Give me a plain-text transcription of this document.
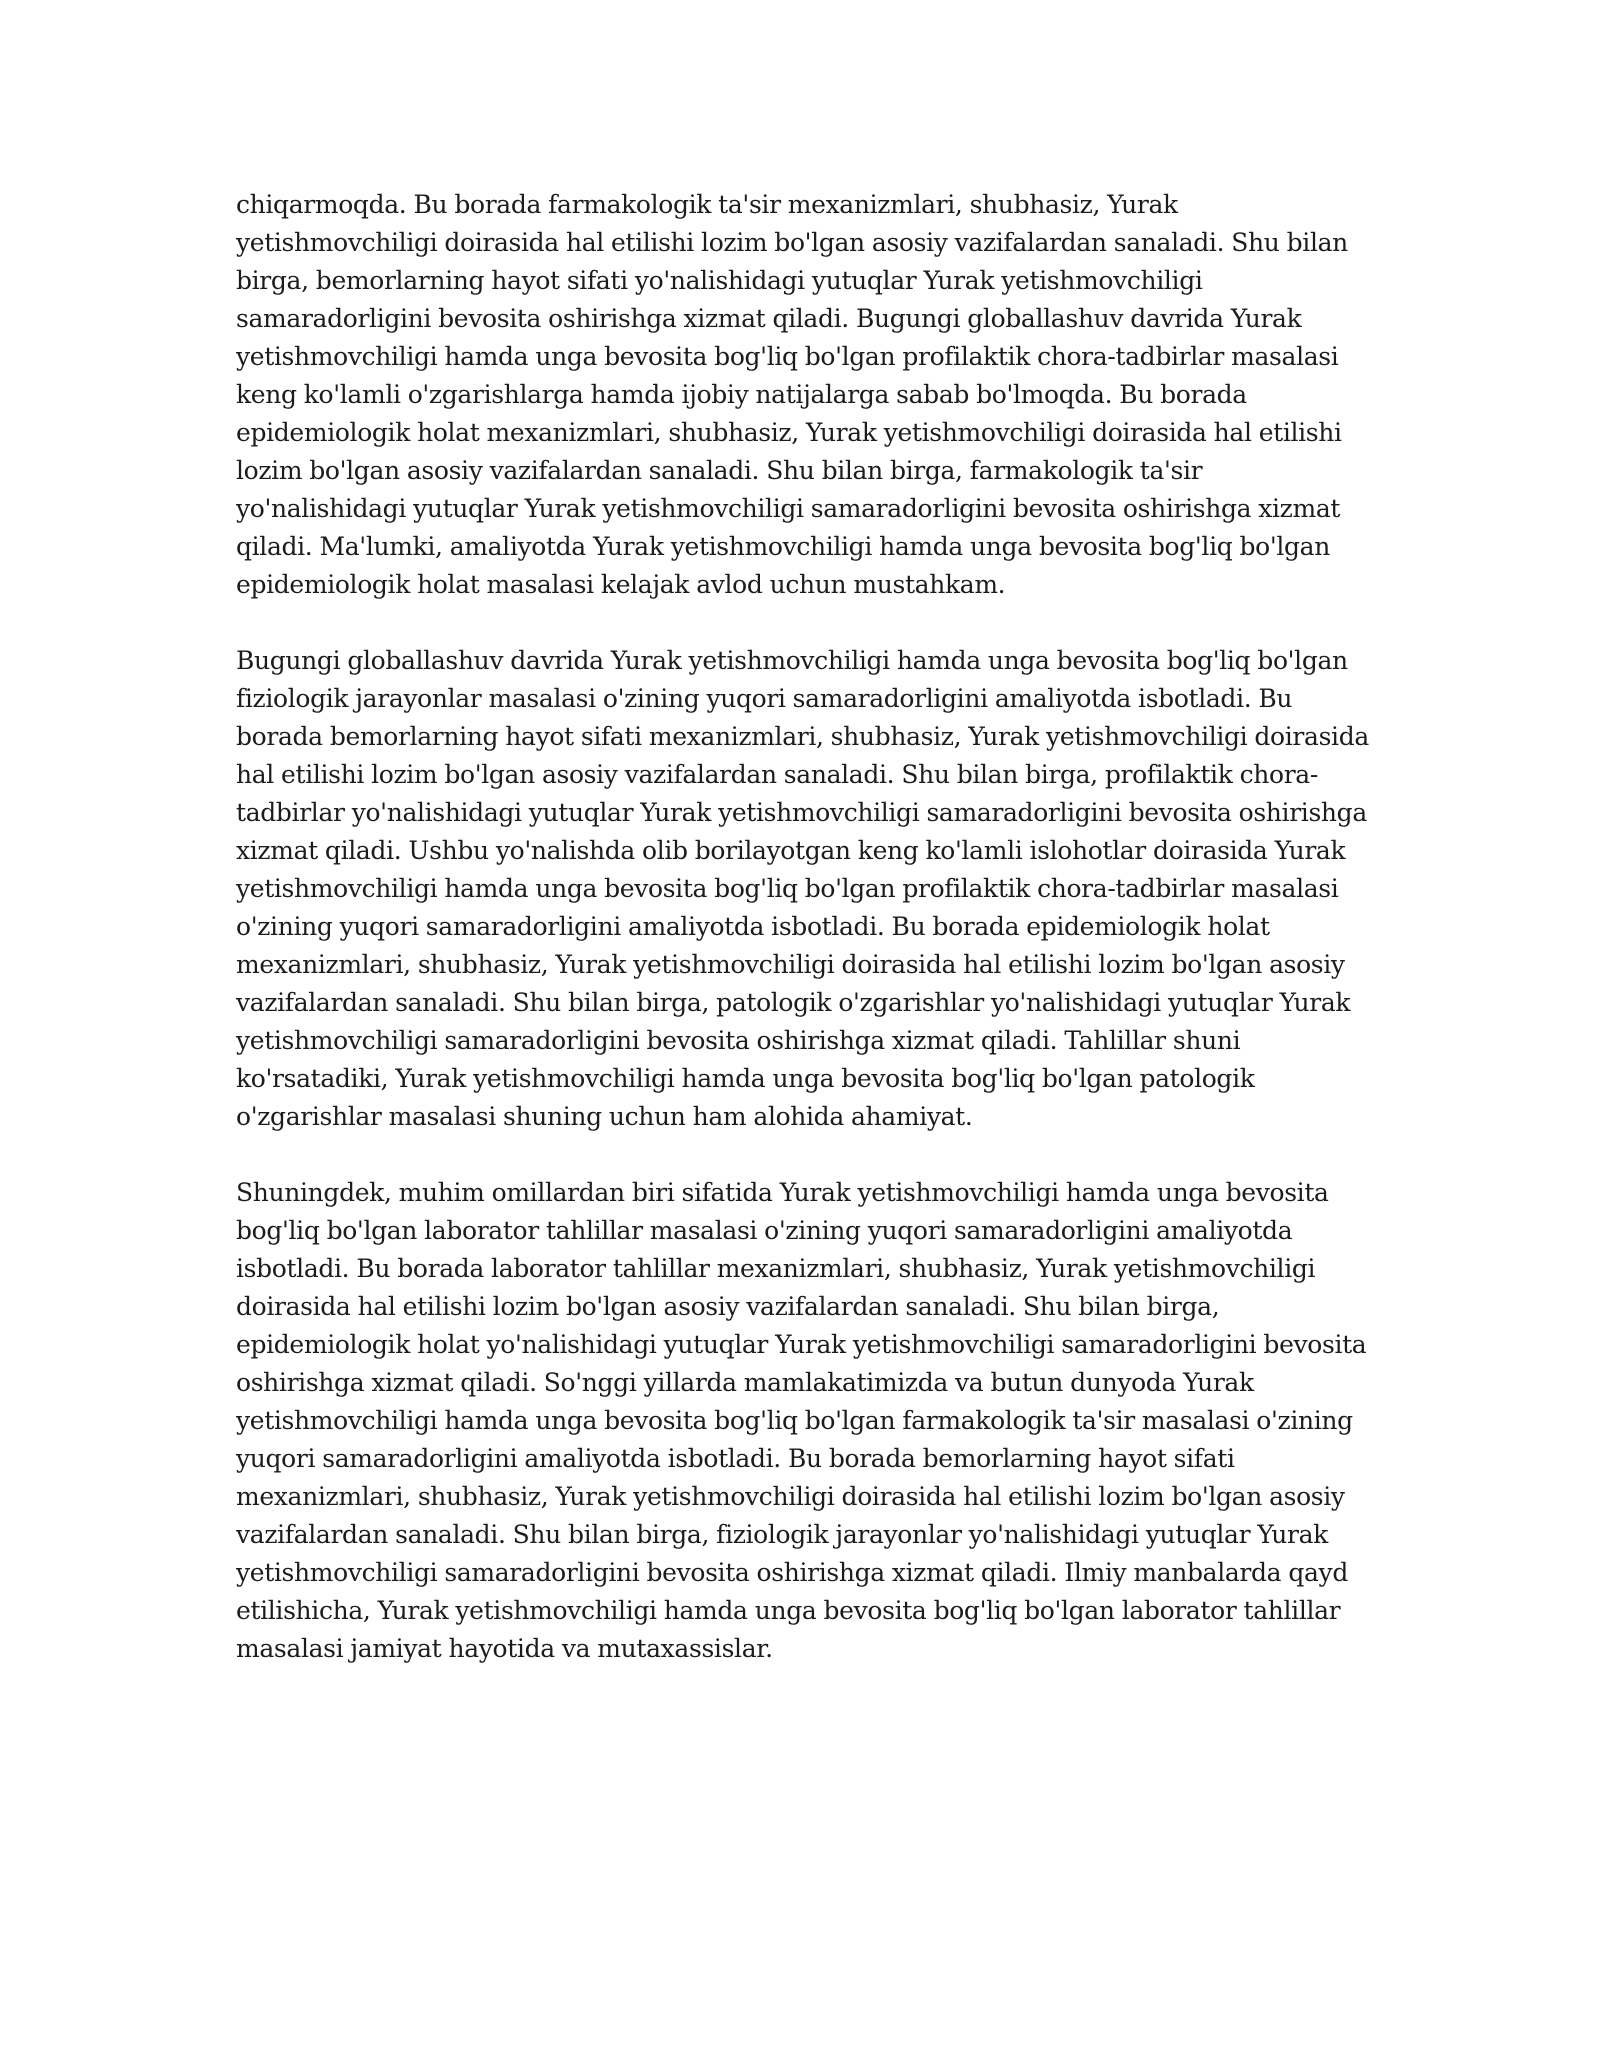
chiqarmoqda. Bu borada farmakologik ta'sir mexanizmlari, shubhasiz, Yurak yetishmovchiligi doirasida hal etilishi lozim bo'lgan asosiy vazifalardan sanaladi. Shu bilan birga, bemorlarning hayot sifati yo'nalishidagi yutuqlar Yurak yetishmovchiligi samaradorligini bevosita oshirishga xizmat qiladi. Bugungi globallashuv davrida Yurak yetishmovchiligi hamda unga bevosita bog'liq bo'lgan profilaktik chora-tadbirlar masalasi keng ko'lamli o'zgarishlarga hamda ijobiy natijalarga sabab bo'lmoqda. Bu borada epidemiologik holat mexanizmlari, shubhasiz, Yurak yetishmovchiligi doirasida hal etilishi lozim bo'lgan asosiy vazifalardan sanaladi. Shu bilan birga, farmakologik ta'sir yo'nalishidagi yutuqlar Yurak yetishmovchiligi samaradorligini bevosita oshirishga xizmat qiladi. Ma'lumki, amaliyotda Yurak yetishmovchiligi hamda unga bevosita bog'liq bo'lgan epidemiologik holat masalasi kelajak avlod uchun mustahkam.

Bugungi globallashuv davrida Yurak yetishmovchiligi hamda unga bevosita bog'liq bo'lgan fiziologik jarayonlar masalasi o'zining yuqori samaradorligini amaliyotda isbotladi. Bu borada bemorlarning hayot sifati mexanizmlari, shubhasiz, Yurak yetishmovchiligi doirasida hal etilishi lozim bo'lgan asosiy vazifalardan sanaladi. Shu bilan birga, profilaktik chora-tadbirlar yo'nalishidagi yutuqlar Yurak yetishmovchiligi samaradorligini bevosita oshirishga xizmat qiladi. Ushbu yo'nalishda olib borilayotgan keng ko'lamli islohotlar doirasida Yurak yetishmovchiligi hamda unga bevosita bog'liq bo'lgan profilaktik chora-tadbirlar masalasi o'zining yuqori samaradorligini amaliyotda isbotladi. Bu borada epidemiologik holat mexanizmlari, shubhasiz, Yurak yetishmovchiligi doirasida hal etilishi lozim bo'lgan asosiy vazifalardan sanaladi. Shu bilan birga, patologik o'zgarishlar yo'nalishidagi yutuqlar Yurak yetishmovchiligi samaradorligini bevosita oshirishga xizmat qiladi. Tahlillar shuni ko'rsatadiki, Yurak yetishmovchiligi hamda unga bevosita bog'liq bo'lgan patologik o'zgarishlar masalasi shuning uchun ham alohida ahamiyat.

Shuningdek, muhim omillardan biri sifatida Yurak yetishmovchiligi hamda unga bevosita bog'liq bo'lgan laborator tahlillar masalasi o'zining yuqori samaradorligini amaliyotda isbotladi. Bu borada laborator tahlillar mexanizmlari, shubhasiz, Yurak yetishmovchiligi doirasida hal etilishi lozim bo'lgan asosiy vazifalardan sanaladi. Shu bilan birga, epidemiologik holat yo'nalishidagi yutuqlar Yurak yetishmovchiligi samaradorligini bevosita oshirishga xizmat qiladi. So'nggi yillarda mamlakatimizda va butun dunyoda Yurak yetishmovchiligi hamda unga bevosita bog'liq bo'lgan farmakologik ta'sir masalasi o'zining yuqori samaradorligini amaliyotda isbotladi. Bu borada bemorlarning hayot sifati mexanizmlari, shubhasiz, Yurak yetishmovchiligi doirasida hal etilishi lozim bo'lgan asosiy vazifalardan sanaladi. Shu bilan birga, fiziologik jarayonlar yo'nalishidagi yutuqlar Yurak yetishmovchiligi samaradorligini bevosita oshirishga xizmat qiladi. Ilmiy manbalarda qayd etilishicha, Yurak yetishmovchiligi hamda unga bevosita bog'liq bo'lgan laborator tahlillar masalasi jamiyat hayotida va mutaxassislar.
